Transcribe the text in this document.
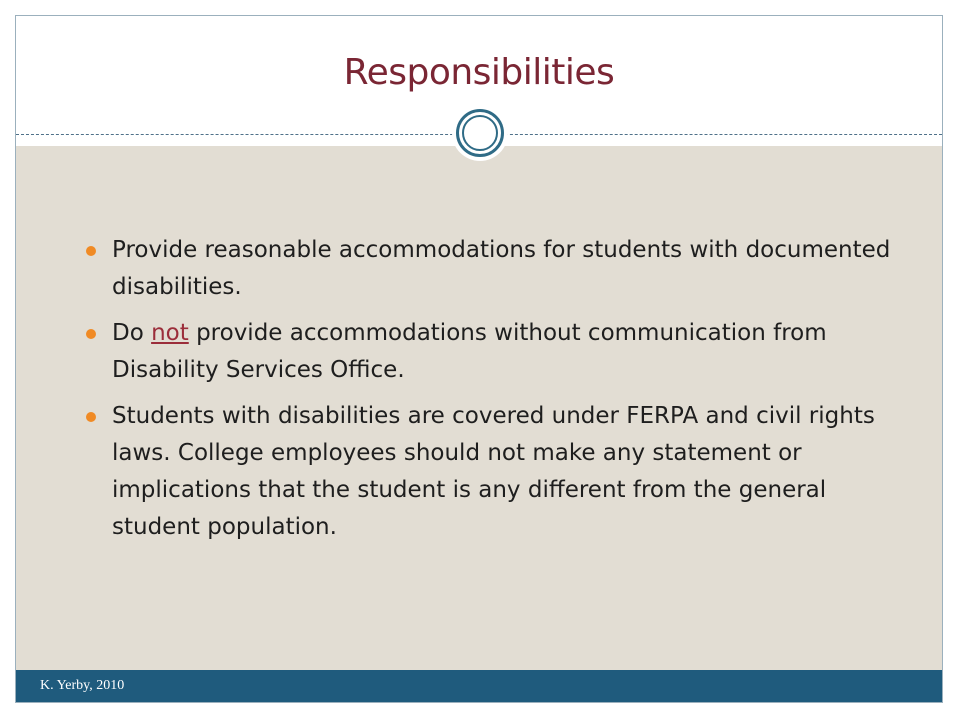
Responsibilities
Provide reasonable accommodations for students with documented disabilities.
Do not provide accommodations without communication from Disability Services Office.
Students with disabilities are covered under FERPA and civil rights laws. College employees should not make any statement or implications that the student is any different from the general student population.
K. Yerby, 2010
